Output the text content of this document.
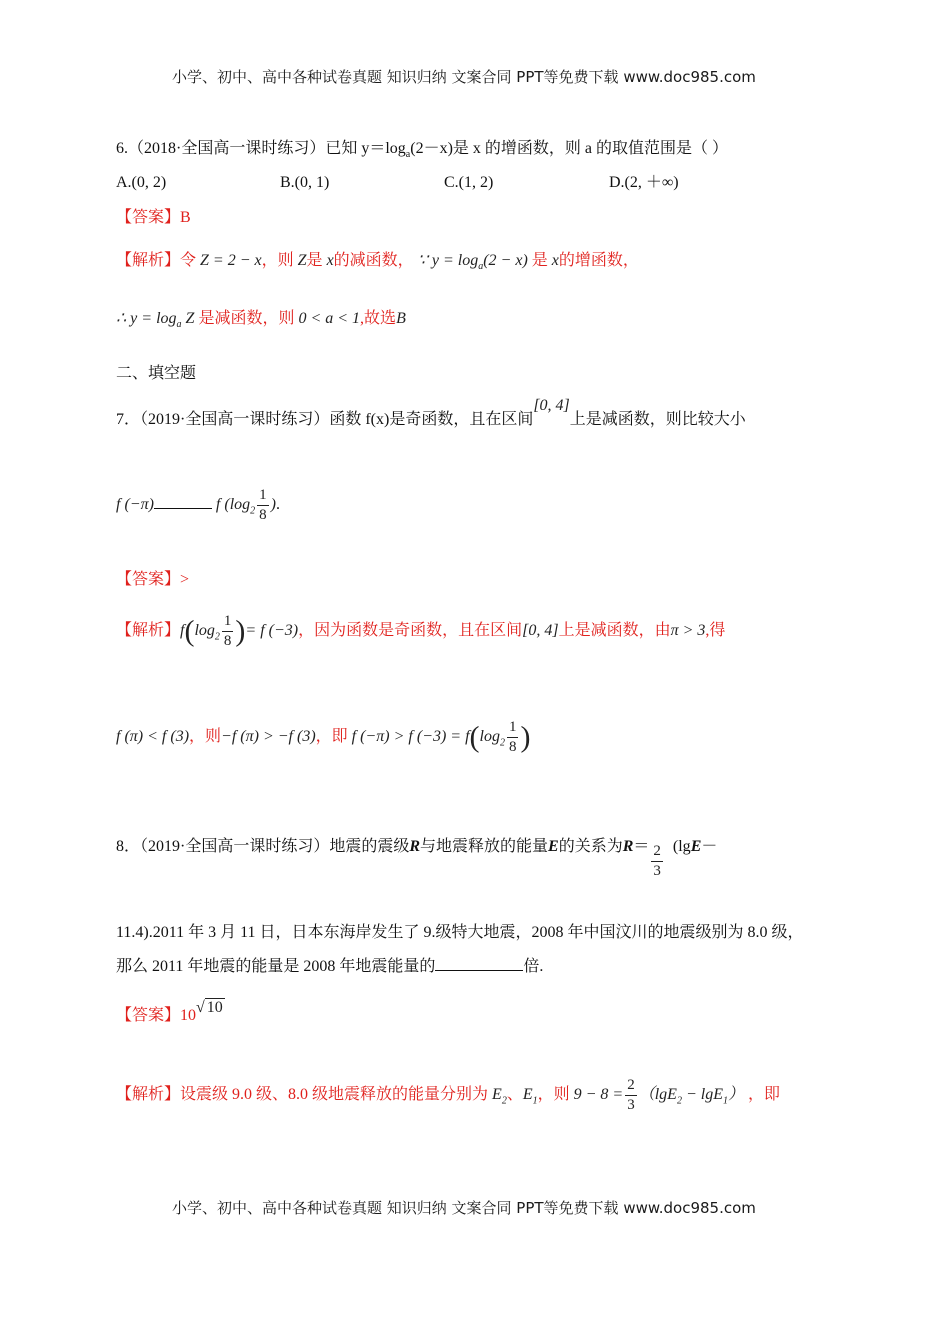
小学、初中、高中各种试卷真题 知识归纳 文案合同 PPT等免费下载 www.doc985.com
6.（2018·全国高一课时练习）已知 $y=\log_a(2-x)$是 x 的增函数，则 a 的取值范围是（ ）
A.(0, 2)	B.(0, 1)	C.(1, 2)	D.(2, ＋∞)
【答案】B
【解析】令 Z = 2 − x，则 Z是 x的减函数， ∵ $y = \log_a(2 - x)$ 是 x的增函数，
∴ $y = \log_a Z$ 是减函数，则 0 < a < 1,故选B
二、填空题
7．（2019·全国高一课时练习）函数 f(x)是奇函数，且在区间[0, 4]上是减函数，则比较大小
f (−π)	f ($\log_2 \frac{1}{8}$ ).
【答案】>
【解析】$f(\log_2 \frac{1}{8}$ )= f (−3)，因为函数是奇函数，且在区间[0, 4]上是减函数，由π > 3,得
f (π) < f (3)，则−f (π) > −f (3)，即 f (−π) > f $(-3) = f(\log_2 \frac{1}{8}$ )
8．（2019·全国高一课时练习）地震的震级R与地震释放的能量E的关系为$R= \frac{2}{3} (\lg E-$
11.4).2011 年 3 月 11 日，日本东海岸发生了 9.级特大地震，2008 年中国汶川的地震级别为 8.0 级，
那么 2011 年地震的能量是 2008 年地震能量的	倍.
【答案】10√ 10
【解析】设震级 9.0 级、8.0 级地震释放的能量分别为 $E_2$、$E_1$，则 $9 - 8 = \frac{2}{3} (\lg E_2 - \lg E_1)$ ，即
小学、初中、高中各种试卷真题 知识归纳 文案合同 PPT等免费下载 www.doc985.com
